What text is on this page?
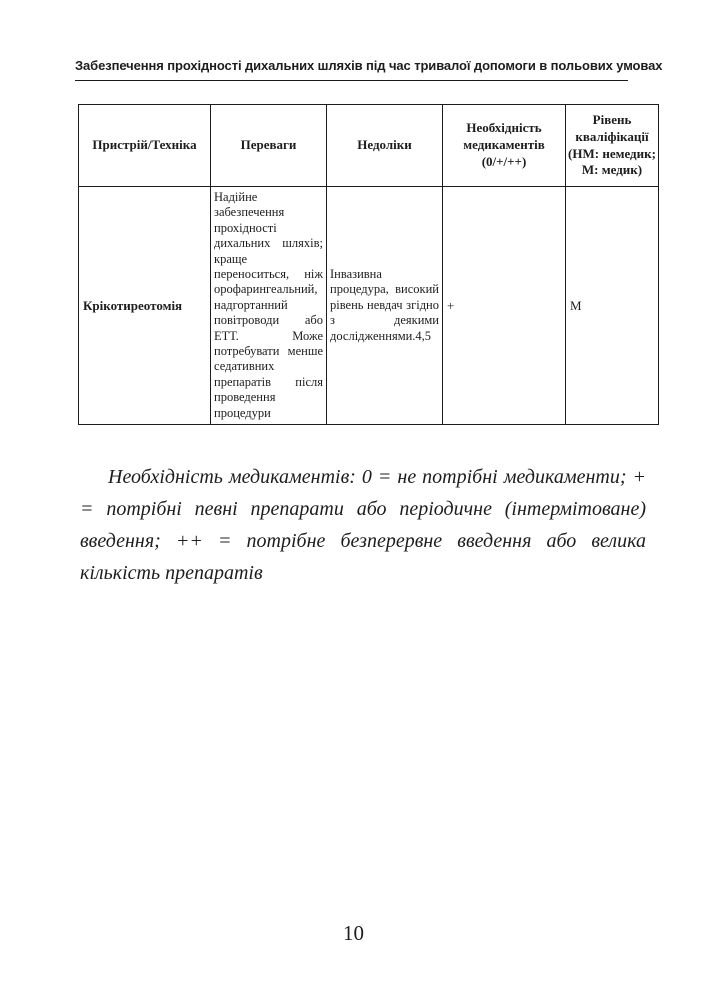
Забезпечення прохідності дихальних шляхів під час тривалої допомоги в польових умовах
Пристрій/Техніка	Переваги	Недоліки	Необхідність медикаментів (0/+/++)	Рівень кваліфікації (НМ: немедик; М: медик)
Крікотиреотомія	Надійне забезпечення прохідності дихальних шляхів; краще переноситься, ніж орофарингеальний, надгортанний повітроводи або ЕТТ. Може потребувати менше седативних препаратів після проведення процедури	Інвазивна процедура, високий рівень невдач згідно з деякими дослідженнями.4,5	+	М

Необхідність медикаментів: 0 = не потрібні медикаменти; + = потрібні певні препарати або періодичне (інтермітоване) введення; ++ = потрібне безперервне введення або велика кількість препаратів

10
